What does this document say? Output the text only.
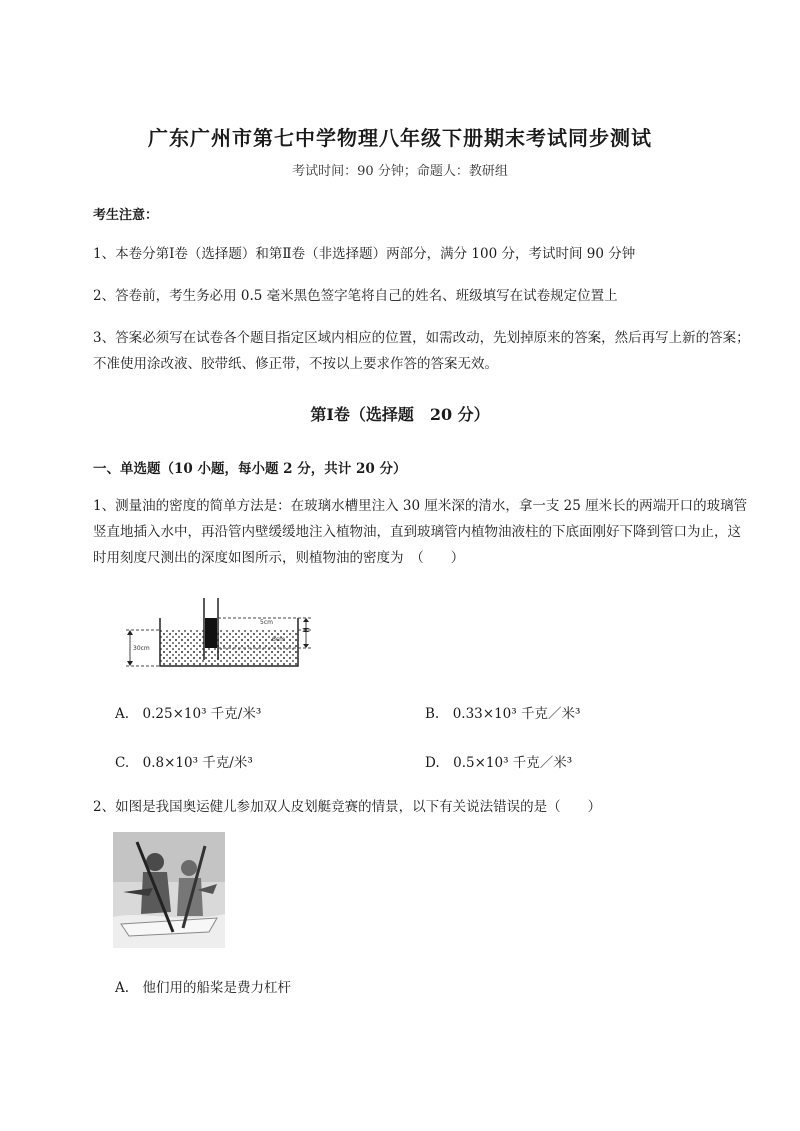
广东广州市第七中学物理八年级下册期末考试同步测试
考试时间：90 分钟；命题人：教研组
考生注意：
1、本卷分第Ⅰ卷（选择题）和第Ⅱ卷（非选择题）两部分，满分 100 分，考试时间 90 分钟
2、答卷前，考生务必用 0.5 毫米黑色签字笔将自己的姓名、班级填写在试卷规定位置上
3、答案必须写在试卷各个题目指定区域内相应的位置，如需改动，先划掉原来的答案，然后再写上新的答案；不准使用涂改液、胶带纸、修正带，不按以上要求作答的答案无效。
第Ⅰ卷（选择题　20 分）
一、单选题（10 小题，每小题 2 分，共计 20 分）
1、测量油的密度的简单方法是：在玻璃水槽里注入 30 厘米深的清水，拿一支 25 厘米长的两端开口的玻璃管竖直地插入水中，再沿管内壁缓缓地注入植物油，直到玻璃管内植物油液柱的下底面刚好下降到管口为止，这时用刻度尺测出的深度如图所示，则植物油的密度为　（　　）
30cm
5cm
6cm
A.　0.25×10³ 千克/米³	B.　0.33×10³ 千克／米³
C.　0.8×10³ 千克/米³	D.　0.5×10³ 千克／米³
2、如图是我国奥运健儿参加双人皮划艇竞赛的情景，以下有关说法错误的是（　　）
A.　他们用的船桨是费力杠杆
